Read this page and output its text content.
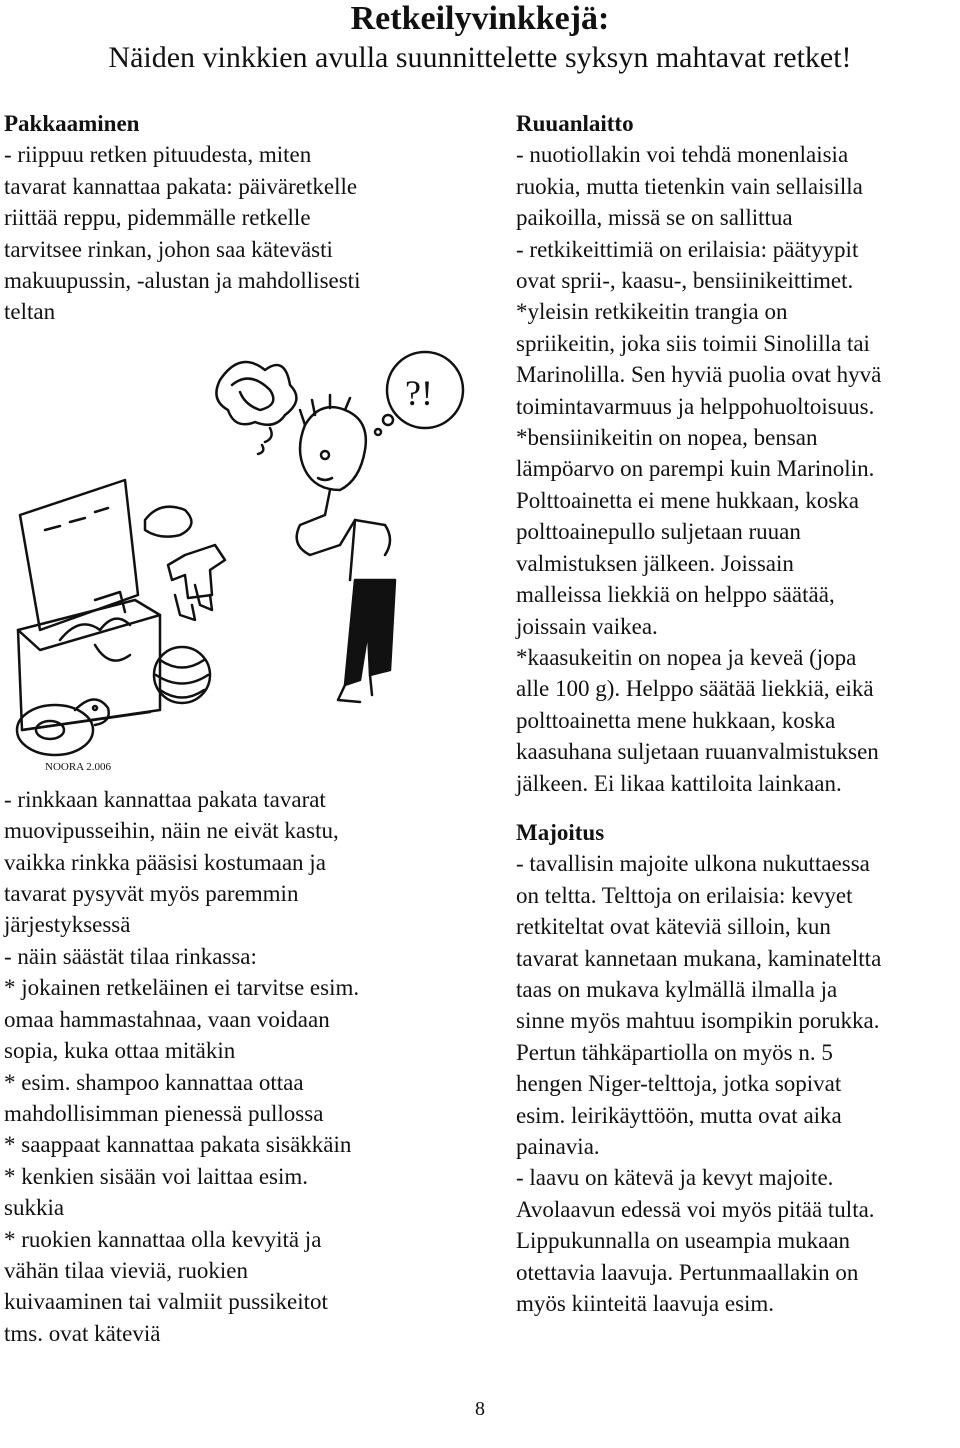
Retkeilyvinkkejä:
Näiden vinkkien avulla suunnittelette syksyn mahtavat retket!

Pakkaaminen

- riippuu retken pituudesta, miten
tavarat kannattaa pakata: päiväretkelle
riittää reppu, pidemmälle retkelle
tarvitsee rinkan, johon saa kätevästi
makuupussin, -alustan ja mahdollisesti
teltan

- rinkkaan kannattaa pakata tavarat
muovipusseihin, näin ne eivät kastu,
vaikka rinkka pääsisi kostumaan ja
tavarat pysyvät myös paremmin
järjestyksessä
- näin säästät tilaa rinkassa:
* jokainen retkeläinen ei tarvitse esim.
omaa hammastahnaa, vaan voidaan
sopia, kuka ottaa mitäkin
* esim. shampoo kannattaa ottaa
mahdollisimman pienessä pullossa
* saappaat kannattaa pakata sisäkkäin
* kenkien sisään voi laittaa esim.
sukkia
* ruokien kannattaa olla kevyitä ja
vähän tilaa vieviä, ruokien
kuivaaminen tai valmiit pussikeitot
tms. ovat käteviä

NOORA 2.006
?!

Ruuanlaitto

- nuotiollakin voi tehdä monenlaisia
ruokia, mutta tietenkin vain sellaisilla
paikoilla, missä se on sallittua
- retkikeittimiä on erilaisia: päätyypit
ovat sprii-, kaasu-, bensiinikeittimet.
*yleisin retkikeitin trangia on
spriikeitin, joka siis toimii Sinolilla tai
Marinolilla. Sen hyviä puolia ovat hyvä
toimintavarmuus ja helppohuoltoisuus.
*bensiinikeitin on nopea, bensan
lämpöarvo on parempi kuin Marinolin.
Polttoainetta ei mene hukkaan, koska
polttoainepullo suljetaan ruuan
valmistuksen jälkeen. Joissain
malleissa liekkiä on helppo säätää,
joissain vaikea.
*kaasukeitin on nopea ja keveä (jopa
alle 100 g). Helppo säätää liekkiä, eikä
polttoainetta mene hukkaan, koska
kaasuhana suljetaan ruuanvalmistuksen
jälkeen. Ei likaa kattiloita lainkaan.

Majoitus

- tavallisin majoite ulkona nukuttaessa
on teltta. Telttoja on erilaisia: kevyet
retkiteltat ovat käteviä silloin, kun
tavarat kannetaan mukana, kaminateltta
taas on mukava kylmällä ilmalla ja
sinne myös mahtuu isompikin porukka.
Pertun tähkäpartiolla on myös n. 5
hengen Niger-telttoja, jotka sopivat
esim. leirikäyttöön, mutta ovat aika
painavia.
- laavu on kätevä ja kevyt majoite.
Avolaavun edessä voi myös pitää tulta.
Lippukunnalla on useampia mukaan
otettavia laavuja. Pertunmaallakin on
myös kiinteitä laavuja esim.

8
